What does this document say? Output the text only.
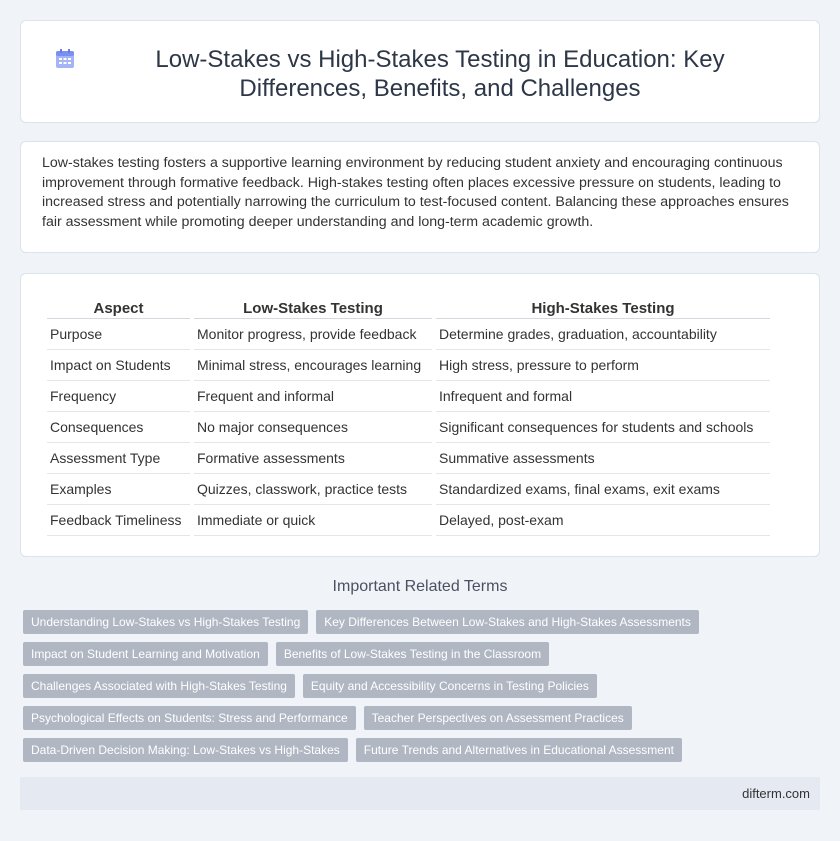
Low-Stakes vs High-Stakes Testing in Education: Key Differences, Benefits, and Challenges

Low-stakes testing fosters a supportive learning environment by reducing student anxiety and encouraging continuous improvement through formative feedback. High-stakes testing often places excessive pressure on students, leading to increased stress and potentially narrowing the curriculum to test-focused content. Balancing these approaches ensures fair assessment while promoting deeper understanding and long-term academic growth.

Aspect	Low-Stakes Testing	High-Stakes Testing
Purpose	Monitor progress, provide feedback	Determine grades, graduation, accountability
Impact on Students	Minimal stress, encourages learning	High stress, pressure to perform
Frequency	Frequent and informal	Infrequent and formal
Consequences	No major consequences	Significant consequences for students and schools
Assessment Type	Formative assessments	Summative assessments
Examples	Quizzes, classwork, practice tests	Standardized exams, final exams, exit exams
Feedback Timeliness	Immediate or quick	Delayed, post-exam
Important Related Terms
Understanding Low-Stakes vs High-Stakes Testing	Key Differences Between Low-Stakes and High-Stakes Assessments
Impact on Student Learning and Motivation	Benefits of Low-Stakes Testing in the Classroom
Challenges Associated with High-Stakes Testing	Equity and Accessibility Concerns in Testing Policies
Psychological Effects on Students: Stress and Performance	Teacher Perspectives on Assessment Practices
Data-Driven Decision Making: Low-Stakes vs High-Stakes	Future Trends and Alternatives in Educational Assessment
difterm.com
